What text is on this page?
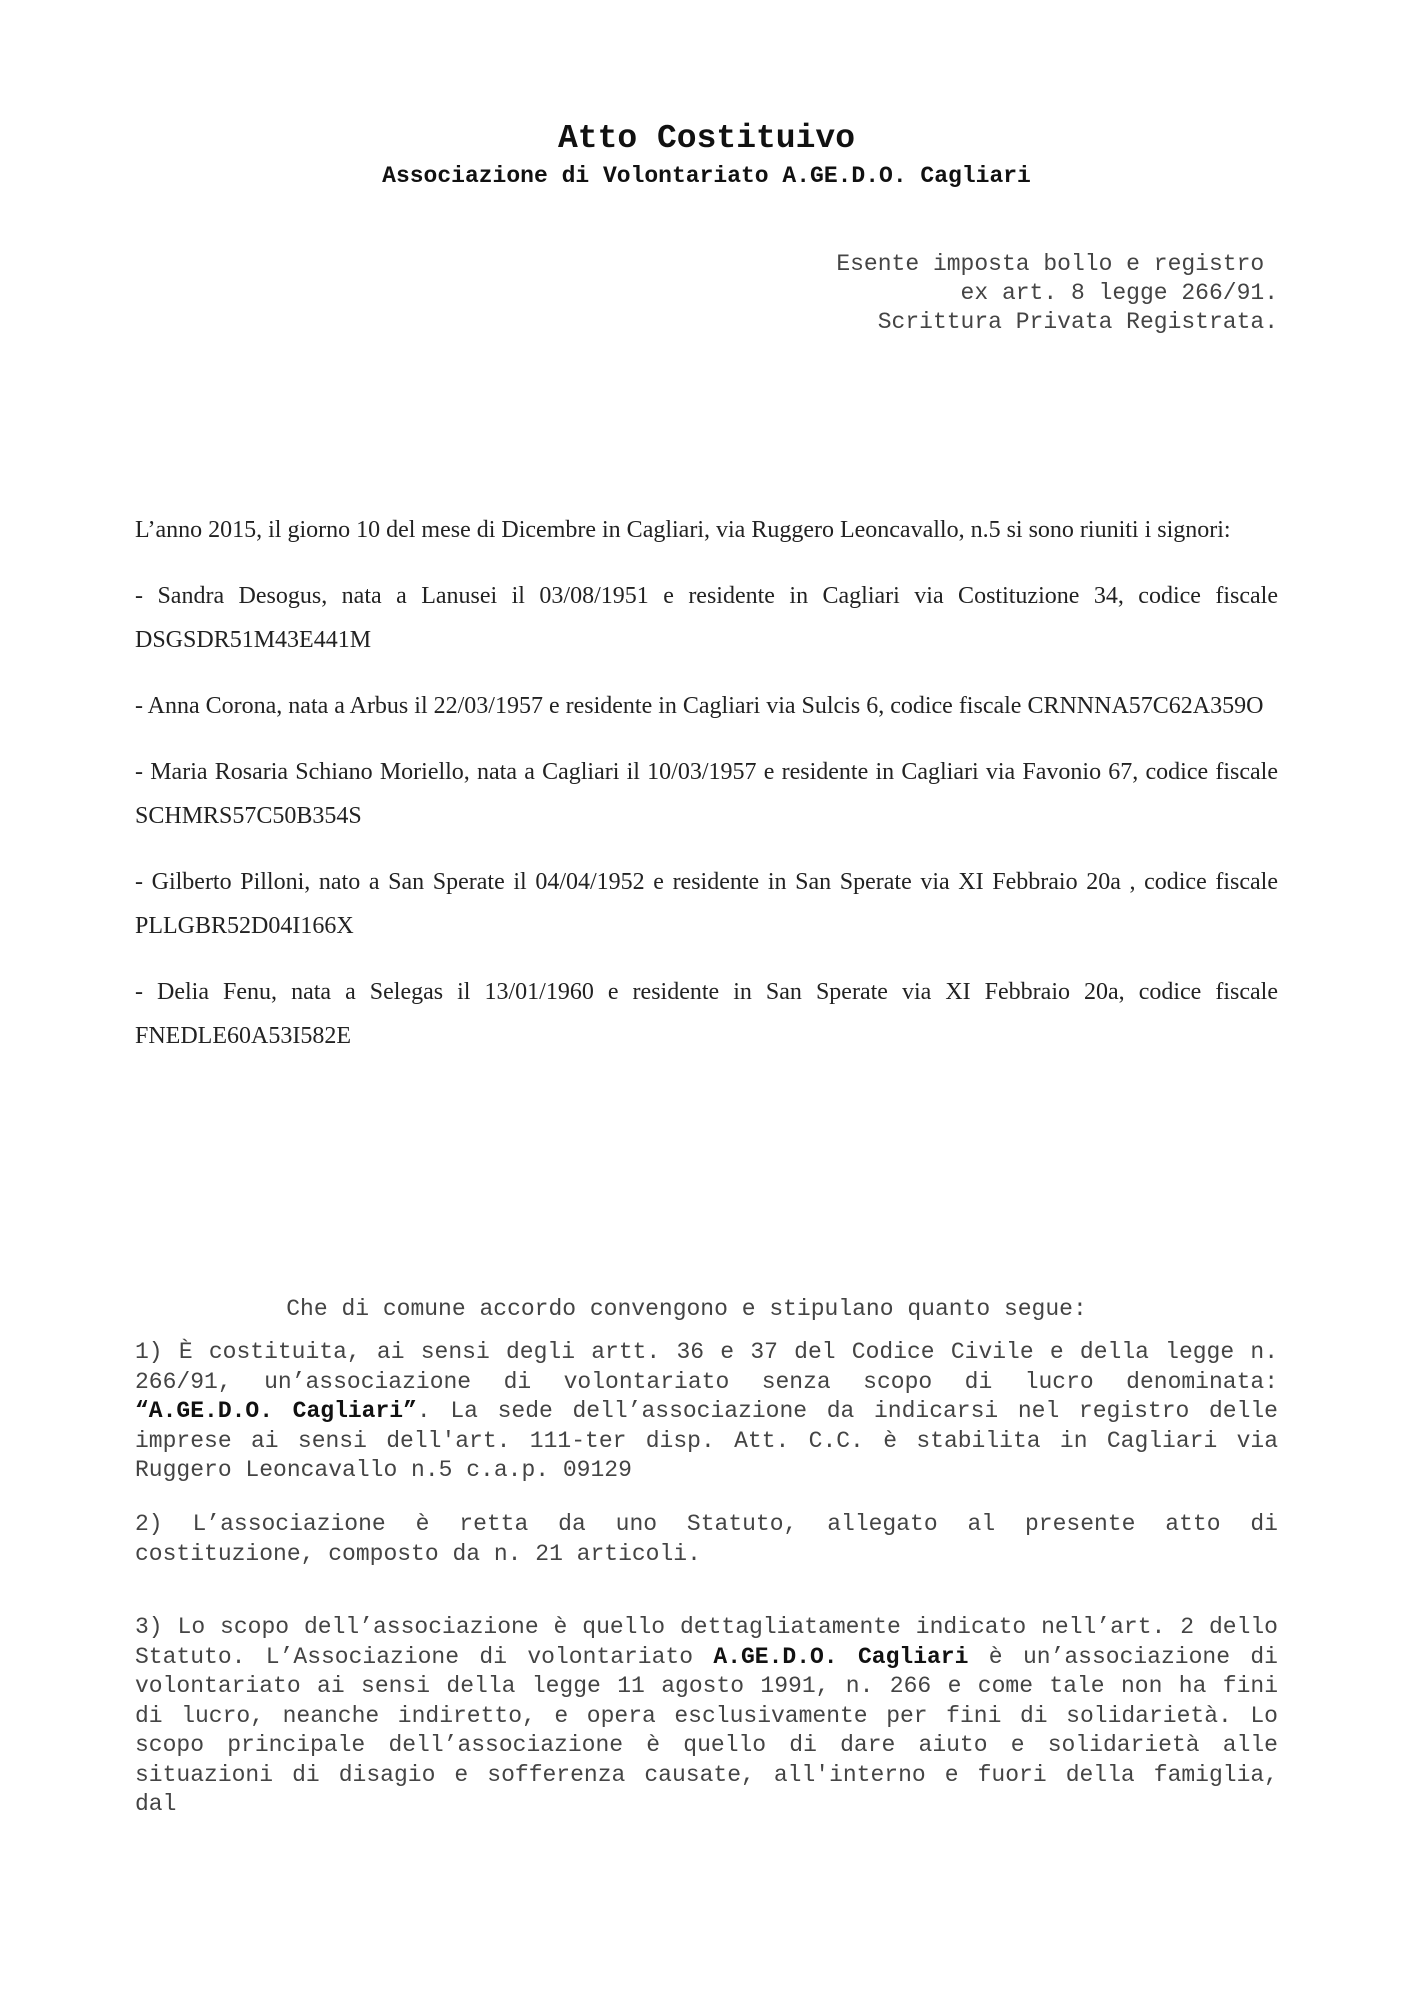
Atto Costituivo
Associazione di Volontariato A.GE.D.O. Cagliari
Esente imposta bollo e registro
ex art. 8 legge 266/91.
Scrittura Privata Registrata.

L’anno 2015, il giorno 10 del mese di Dicembre in Cagliari, via Ruggero Leoncavallo, n.5 si sono riuniti i signori:

- Sandra Desogus, nata a Lanusei il 03/08/1951 e residente in Cagliari via Costituzione 34, codice fiscale DSGSDR51M43E441M

- Anna Corona, nata a Arbus il 22/03/1957 e residente in Cagliari via Sulcis 6, codice fiscale CRNNNA57C62A359O

- Maria Rosaria Schiano Moriello, nata a Cagliari il 10/03/1957 e residente in Cagliari via Favonio 67, codice fiscale SCHMRS57C50B354S

- Gilberto Pilloni, nato a San Sperate il 04/04/1952 e residente in San Sperate via XI Febbraio 20a , codice fiscale PLLGBR52D04I166X

- Delia Fenu, nata a Selegas il 13/01/1960 e residente in San Sperate via XI Febbraio 20a, codice fiscale FNEDLE60A53I582E

Che di comune accordo convengono e stipulano quanto segue:

1) È costituita, ai sensi degli artt. 36 e 37 del Codice Civile e della legge n. 266/91, un’associazione di volontariato senza scopo di lucro denominata: “A.GE.D.O. Cagliari”. La sede dell’associazione da indicarsi nel registro delle imprese ai sensi dell'art. 111-ter disp. Att. C.C. è stabilita in Cagliari via Ruggero Leoncavallo n.5 c.a.p. 09129

2) L’associazione è retta da uno Statuto, allegato al presente atto di costituzione, composto da n. 21 articoli.

3) Lo scopo dell’associazione è quello dettagliatamente indicato nell’art. 2 dello Statuto. L’Associazione di volontariato A.GE.D.O. Cagliari è un’associazione di volontariato ai sensi della legge 11 agosto 1991, n. 266 e come tale non ha fini di lucro, neanche indiretto, e opera esclusivamente per fini di solidarietà. Lo scopo principale dell’associazione è quello di dare aiuto e solidarietà alle situazioni di disagio e sofferenza causate, all'interno e fuori della famiglia, dal
